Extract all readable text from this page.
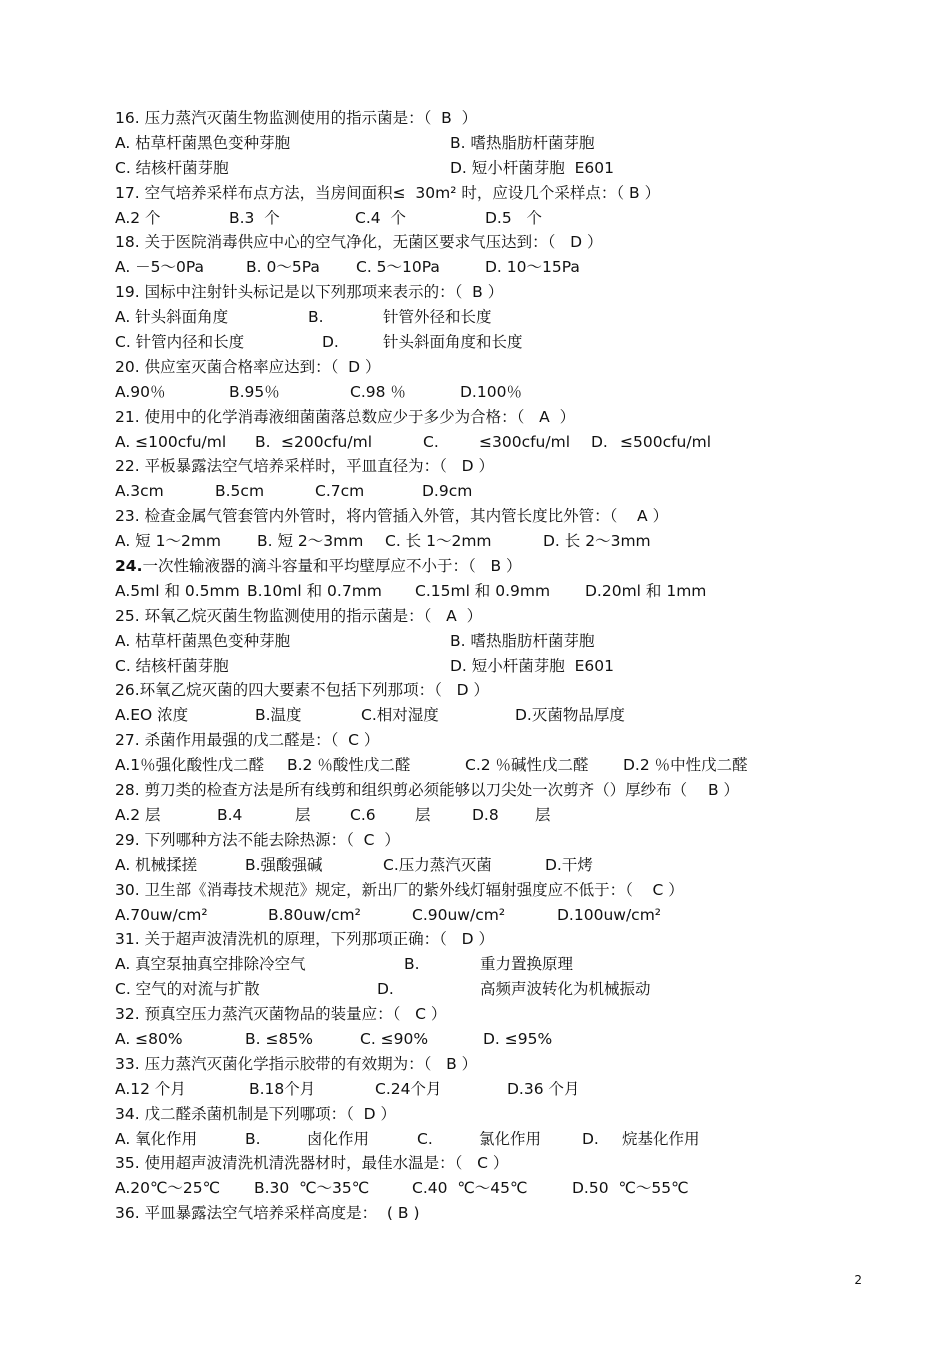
16. 压力蒸汽灭菌生物监测使用的指示菌是：（  B  ）
A. 枯草杆菌黑色变种芽胞	B. 嗜热脂肪杆菌芽胞
C. 结核杆菌芽胞	D. 短小杆菌芽胞  E601
17. 空气培养采样布点方法，当房间面积≤  30m² 时，应设几个采样点：（ B ）
A.2 个	B.3  个	C.4  个	D.5   个
18. 关于医院消毒供应中心的空气净化，无菌区要求气压达到：（   D ）
A. －5～0Pa	B. 0～5Pa C. 5～10Pa	D. 10～15Pa
19. 国标中注射针头标记是以下列那项来表示的：（  B ）
A. 针头斜面角度	B.	针管外径和长度
C. 针管内径和长度	D.	针头斜面角度和长度
20. 供应室灭菌合格率应达到：（  D ）
A.90％	B.95％	C.98 ％	D.100％
21. 使用中的化学消毒液细菌菌落总数应少于多少为合格：（   A  ）
A. ≤100cfu/ml B. ≤200cfu/ml	C.	≤300cfu/ml D. ≤500cfu/ml
22. 平板暴露法空气培养采样时，平皿直径为：（   D ）
A.3cm	B.5cm	C.7cm	D.9cm
23. 检查金属气管套管内外管时，将内管插入外管，其内管长度比外管：（    A ）
A. 短 1～2mm B. 短 2～3mm C. 长 1～2mm	D. 长 2～3mm
24.一次性输液器的滴斗容量和平均壁厚应不小于：（   B ）
A.5ml 和 0.5mm B.10ml 和 0.7mm C.15ml 和 0.9mm D.20ml 和 1mm
25. 环氧乙烷灭菌生物监测使用的指示菌是：（   A  ）
A. 枯草杆菌黑色变种芽胞	B. 嗜热脂肪杆菌芽胞
C. 结核杆菌芽胞	D. 短小杆菌芽胞  E601
26.环氧乙烷灭菌的四大要素不包括下列那项：（   D ）
A.EO 浓度	B.温度	C.相对湿度	D.灭菌物品厚度
27. 杀菌作用最强的戊二醛是：（  C ）
A.1％强化酸性戊二醛 B.2 ％酸性戊二醛	C.2 ％碱性戊二醛 D.2 ％中性戊二醛
28. 剪刀类的检查方法是所有线剪和组织剪必须能够以刀尖处一次剪齐（）厚纱布（ B ）
A.2 层	B.4	层	C.6	层	D.8 层
29. 下列哪种方法不能去除热源：（  C  ）
A. 机械揉搓	B.强酸强碱	C.压力蒸汽灭菌	D.干烤
30. 卫生部《消毒技术规范》规定，新出厂的紫外线灯辐射强度应不低于：（    C ）
A.70uw/cm²	B.80uw/cm²	C.90uw/cm²	D.100uw/cm²
31. 关于超声波清洗机的原理，下列那项正确：（   D ）
A. 真空泵抽真空排除冷空气	B.	重力置换原理
C. 空气的对流与扩散	D.	高频声波转化为机械振动
32. 预真空压力蒸汽灭菌物品的装量应：（   C ）
A. ≤80%	B. ≤85%	C. ≤90%	D. ≤95%
33. 压力蒸汽灭菌化学指示胶带的有效期为：（   B ）
A.12 个月	B.18个月	C.24个月	D.36 个月
34. 戊二醛杀菌机制是下列哪项：（  D ）
A. 氧化作用	B.	卤化作用	C.	氯化作用	D. 烷基化作用
35. 使用超声波清洗机清洗器材时，最佳水温是：（   C ）
A.20℃～25℃ B.30  ℃～35℃	C.40  ℃～45℃	D.50  ℃～55℃
36. 平皿暴露法空气培养采样高度是：  ( B )
2
